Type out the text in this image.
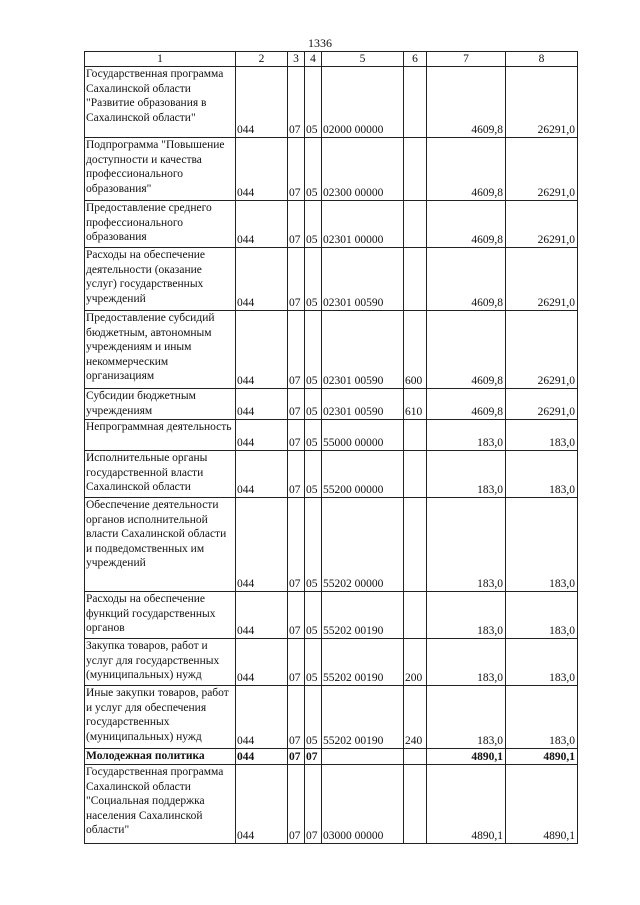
1336
1	2	3	4	5	6	7	8
Государственная программа Сахалинской области "Развитие образования в Сахалинской области"	044	07	05	02000 00000		4609,8	26291,0
Подпрограмма "Повышение доступности и качества профессионального образования"	044	07	05	02300 00000		4609,8	26291,0
Предоставление среднего профессионального образования	044	07	05	02301 00000		4609,8	26291,0
Расходы на обеспечение деятельности (оказание услуг) государственных учреждений	044	07	05	02301 00590		4609,8	26291,0
Предоставление субсидий бюджетным, автономным учреждениям и иным некоммерческим организациям	044	07	05	02301 00590	600	4609,8	26291,0
Субсидии бюджетным учреждениям	044	07	05	02301 00590	610	4609,8	26291,0
Непрограммная деятельность	044	07	05	55000 00000		183,0	183,0
Исполнительные органы государственной власти Сахалинской области	044	07	05	55200 00000		183,0	183,0
Обеспечение деятельности органов исполнительной власти Сахалинской области и подведомственных им учреждений	044	07	05	55202 00000		183,0	183,0
Расходы на обеспечение функций государственных органов	044	07	05	55202 00190		183,0	183,0
Закупка товаров, работ и услуг для государственных (муниципальных) нужд	044	07	05	55202 00190	200	183,0	183,0
Иные закупки товаров, работ и услуг для обеспечения государственных (муниципальных) нужд	044	07	05	55202 00190	240	183,0	183,0
Молодежная политика	044	07	07			4890,1	4890,1
Государственная программа Сахалинской области "Социальная поддержка населения Сахалинской области"	044	07	07	03000 00000		4890,1	4890,1
